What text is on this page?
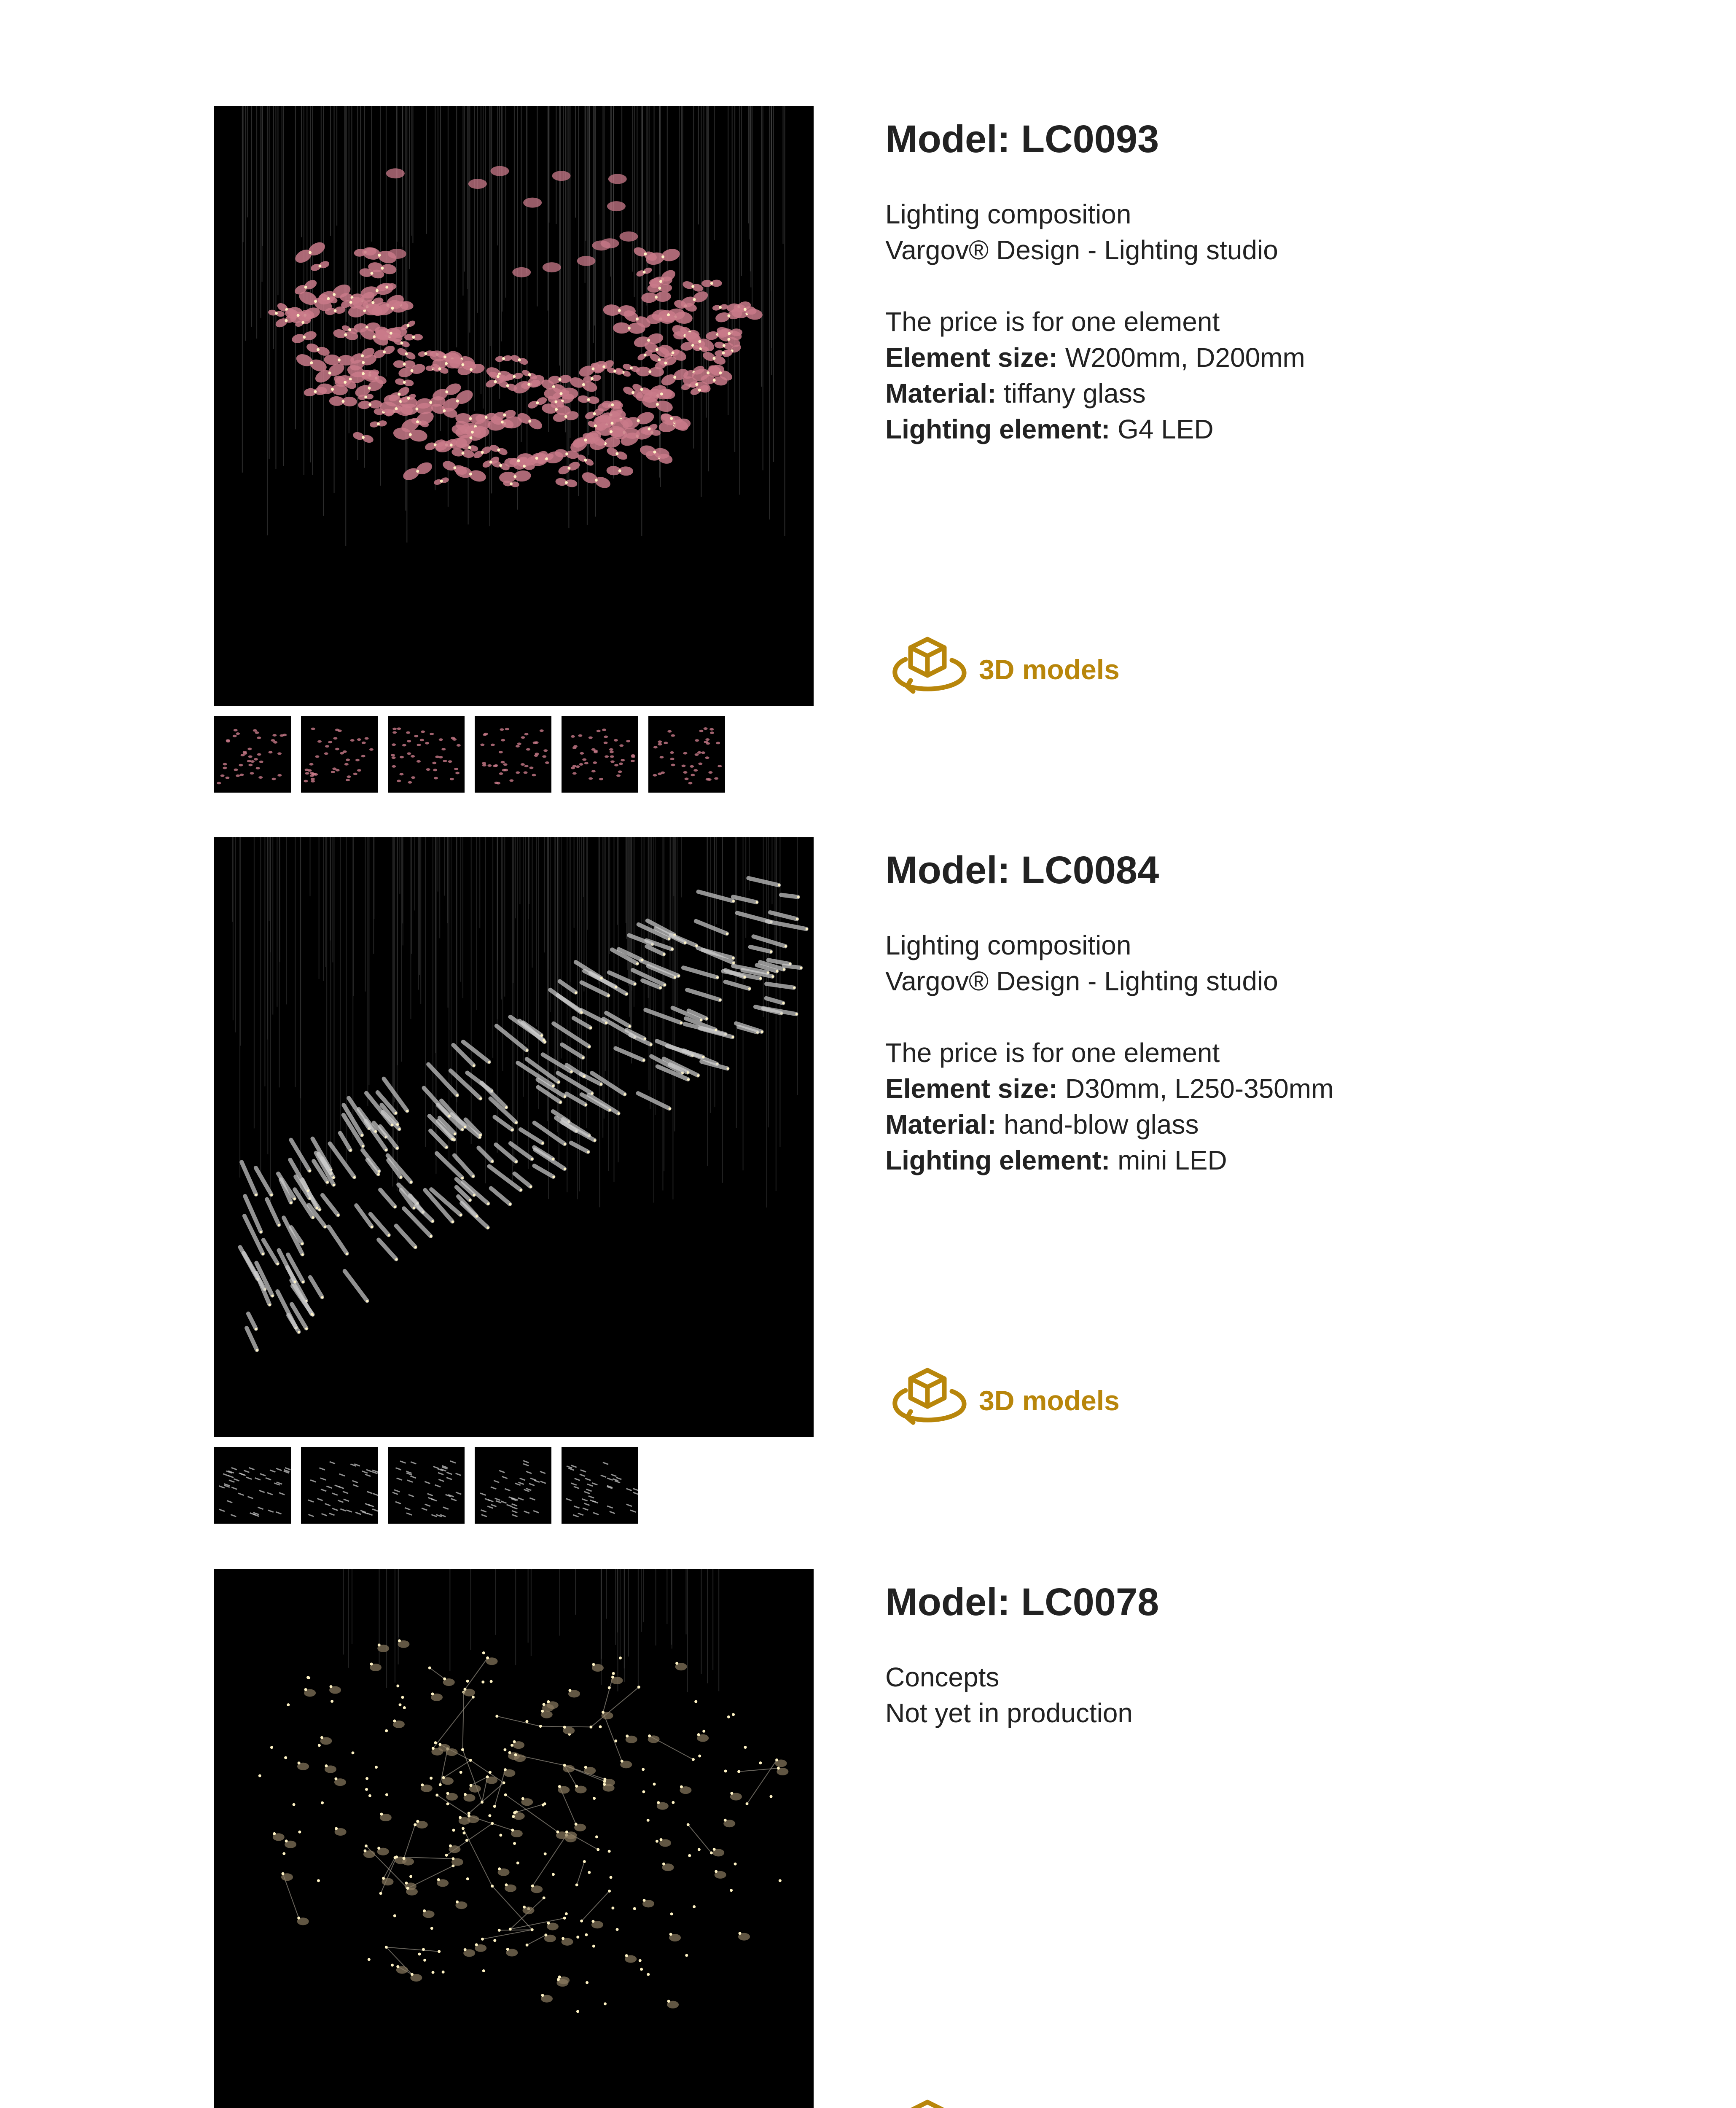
Model: LC0093
Lighting composition
Vargov® Design - Lighting studio
The price is for one element
Element size: W200mm, D200mm
Material: tiffany glass
Lighting element: G4 LED
3D models
Model: LC0084
Lighting composition
Vargov® Design - Lighting studio
The price is for one element
Element size: D30mm, L250-350mm
Material: hand-blow glass
Lighting element: mini LED
3D models
Model: LC0078
Concepts
Not yet in production
